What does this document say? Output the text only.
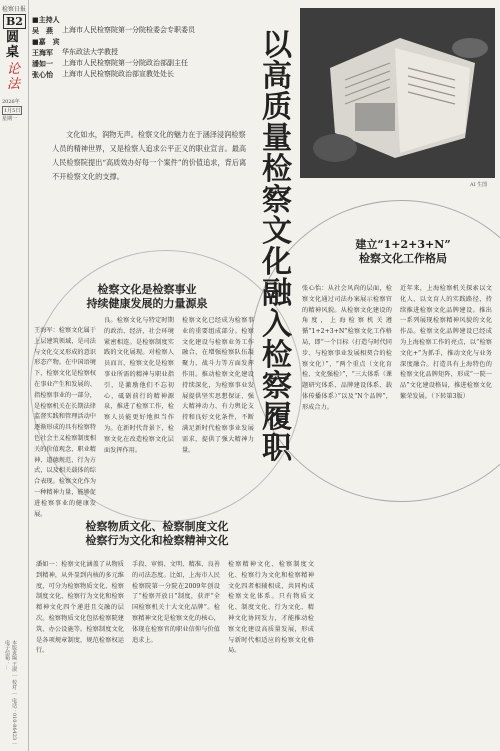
检察日报
B2
圆桌
论法
2026年
1月5日
星期一
本版责编 王淑 ｜ 校对 ｜ 电话：010-86423 ｜ 电子信箱：...
■主持人
吴　燕	上海市人民检察院第一分院检委会专职委员
■嘉　宾
王海军	华东政法大学教授
潘如一	上海市人民检察院第一分院政治部副主任
张心怡	上海市人民检察院政治部宣教处处长
文化如水，润物无声。检察文化的魅力在于涵泽浸润检察人员的精神世界，又是检察人追求公平正义的职业宣言。最高人民检察院提出“高质效办好每一个案件”的价值追求，背后离不开检察文化的支撑。
以高质量检察文化融入检察履职
AI 生图
检察文化是检察事业
持续健康发展的力量源泉
王海军：检察文化属于上层建筑领域，是司法与文化交叉形成的意识形态产物。在中国语境下，检察文化是检察权在事业产生和发展的、指检察事业的一部分，是检察机关在长期法律监督实践和管理活动中逐渐形成的具有检察特色社会主义检察制度相关的价值观念、职业精神、道德规范、行为方式，以及相关载体的综合表现。检察文化作为一种精神力量，能够促进检察事业的健康发展。
良。检察文化与特定时期的政治、经济、社会环境紧密相连。是检察制度实践的文化展现。对检察人员而言，检察文化是检察事业所需的精神与职业指引，是激励他们不忘初心，砥砺前行的精神源泉，推进了检察工作，检察人员能更好地担当作为。在新时代背景下，检察文化在改造检察文化层面发挥作用。
检察文化已经成为检察事业的重要组成部分。检察文化建设与检察业务工作融合，在增强检察队伍凝聚力、战斗力等方面发挥作用。推动检察文化建设持续深化，为检察事业发展提供坚实思想保证、强大精神动力、有力舆论支持和良好文化条件，不断满足新时代检察事业发展需求，提供了强大精神力量。
建立“1+2+3+N”
检察文化工作格局
张心怡：从社会风尚的层面，检察文化通过司法办案展示检察官的精神风貌。从检察文化建设的角度，上海检察机关遵循“1+2+3+N”检察文化工作格局，即“一个目标（打造与时代同步、与检察事业发展相契合的检察文化）”，“两个重点（文化育检、文化强检）”，“三大体系（课题研究体系、品牌建设体系、载体传播体系）”以及“N个品牌”，形成合力。
近年来，上海检察机关探索以文化人、以文育人的实践路径，持续推进检察文化品牌建设。推出一系列展现检察精神风貌的文化作品。检察文化品牌建设已经成为上海检察工作的亮点，以“检察文化+”为抓手，推动文化与业务深度融合。打造具有上海特色的检察文化品牌矩阵，形成“一院一品”文化建设格局，推进检察文化繁荣发展。（下转第3版）
检察物质文化、检察制度文化
检察行为文化和检察精神文化
潘如一：检察文化涵盖了从物质到精神，从外显到内核的多元维度，可分为检察物质文化、检察制度文化、检察行为文化和检察精神文化四个递进且交融的层次。检察物质文化包括检察院建筑、办公设施等。检察制度文化是各项规章制度，规范检察权运行。
手段、审慎、文明、精准、良善的司法态度。比如，上海市人民检察院第一分院在2009年创设了“检察开放日”制度，获评“全国检察机关十大文化品牌”。检察精神文化是检察文化的核心，体现在检察官的职业信仰与价值追求上。
检察精神文化、检察制度文化、检察行为文化和检察精神文化四者相辅相成，共同构成检察文化体系。只有物质文化、制度文化、行为文化、精神文化协同发力，才能推动检察文化建设高质量发展，形成与新时代相适应的检察文化格局。
